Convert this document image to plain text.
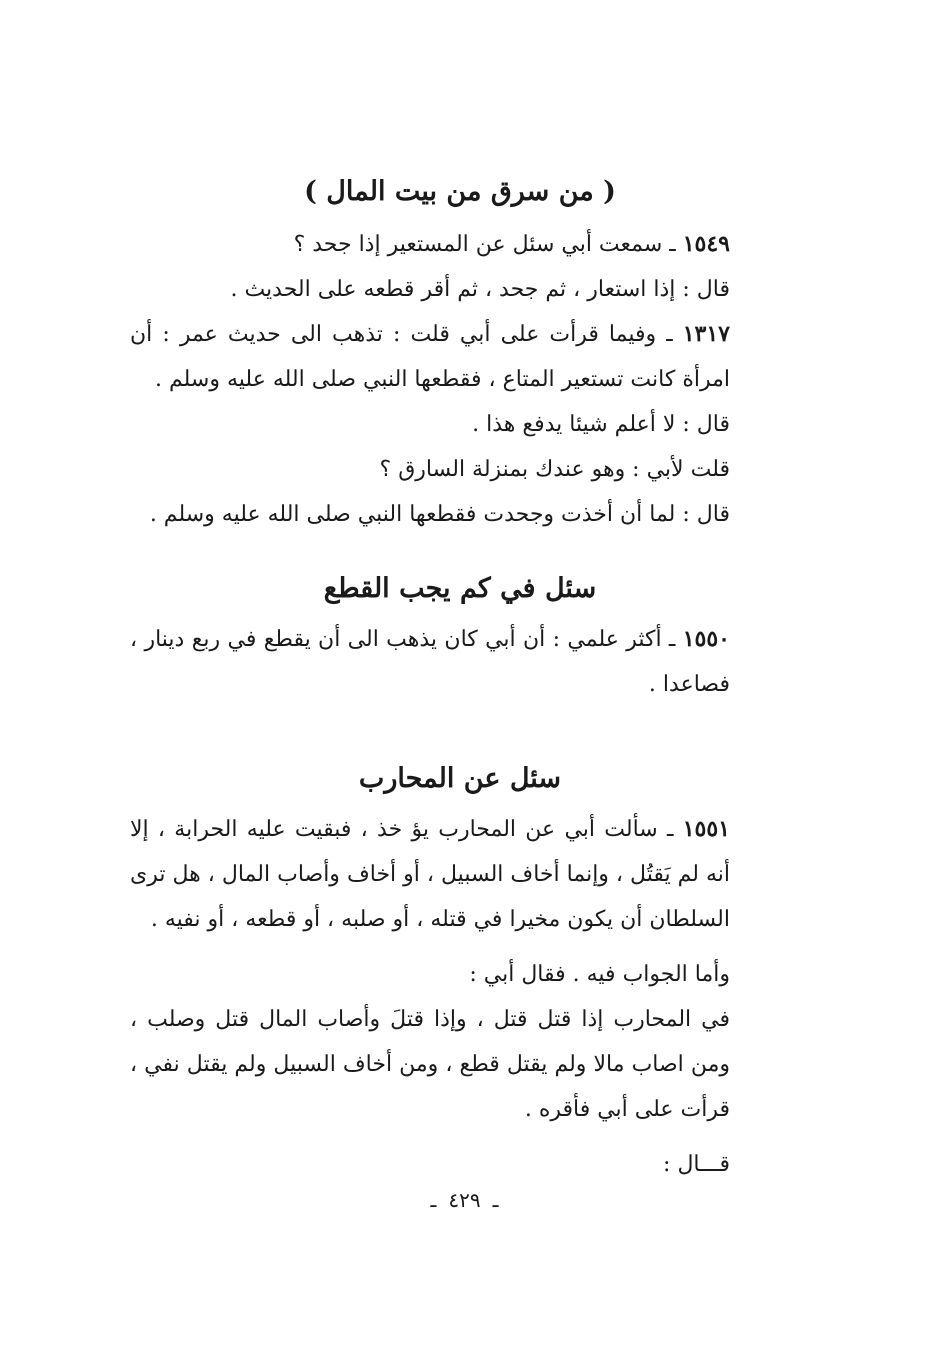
( من سرق من بيت المال )

١٥٤٩ ـ سمعت أبي سئل عن المستعير إذا جحد ؟

قال : إذا استعار ، ثم جحد ، ثم أقر قطعه على الحديث .

١٣١٧ ـ وفيما قرأت على أبي قلت : تذهب الى حديث عمر : أن امرأة كانت تستعير المتاع ، فقطعها النبي صلى الله عليه وسلم .

قال : لا أعلم شيئا يدفع هذا .

قلت لأبي : وهو عندك بمنزلة السارق ؟

قال : لما أن أخذت وجحدت فقطعها النبي صلى الله عليه وسلم .

سئل في كم يجب القطع

١٥٥٠ ـ أكثر علمي : أن أبي كان يذهب الى أن يقطع في ربع دينار ، فصاعدا .

سئل عن المحارب

١٥٥١ ـ سألت أبي عن المحارب يؤ خذ ، فبقيت عليه الحرابة ، إلا أنه لم يَقتُل ، وإنما أخاف السبيل ، أو أخاف وأصاب المال ، هل ترى السلطان أن يكون مخيرا في قتله ، أو صلبه ، أو قطعه ، أو نفيه .

وأما الجواب فيه . فقال أبي :

في المحارب إذا قتل قتل ، وإذا قتلَ وأصاب المال قتل وصلب ، ومن اصاب مالا ولم يقتل قطع ، ومن أخاف السبيل ولم يقتل نفي ، قرأت على أبي فأقره .

قـــال :

ـ٤٢٩ـ
